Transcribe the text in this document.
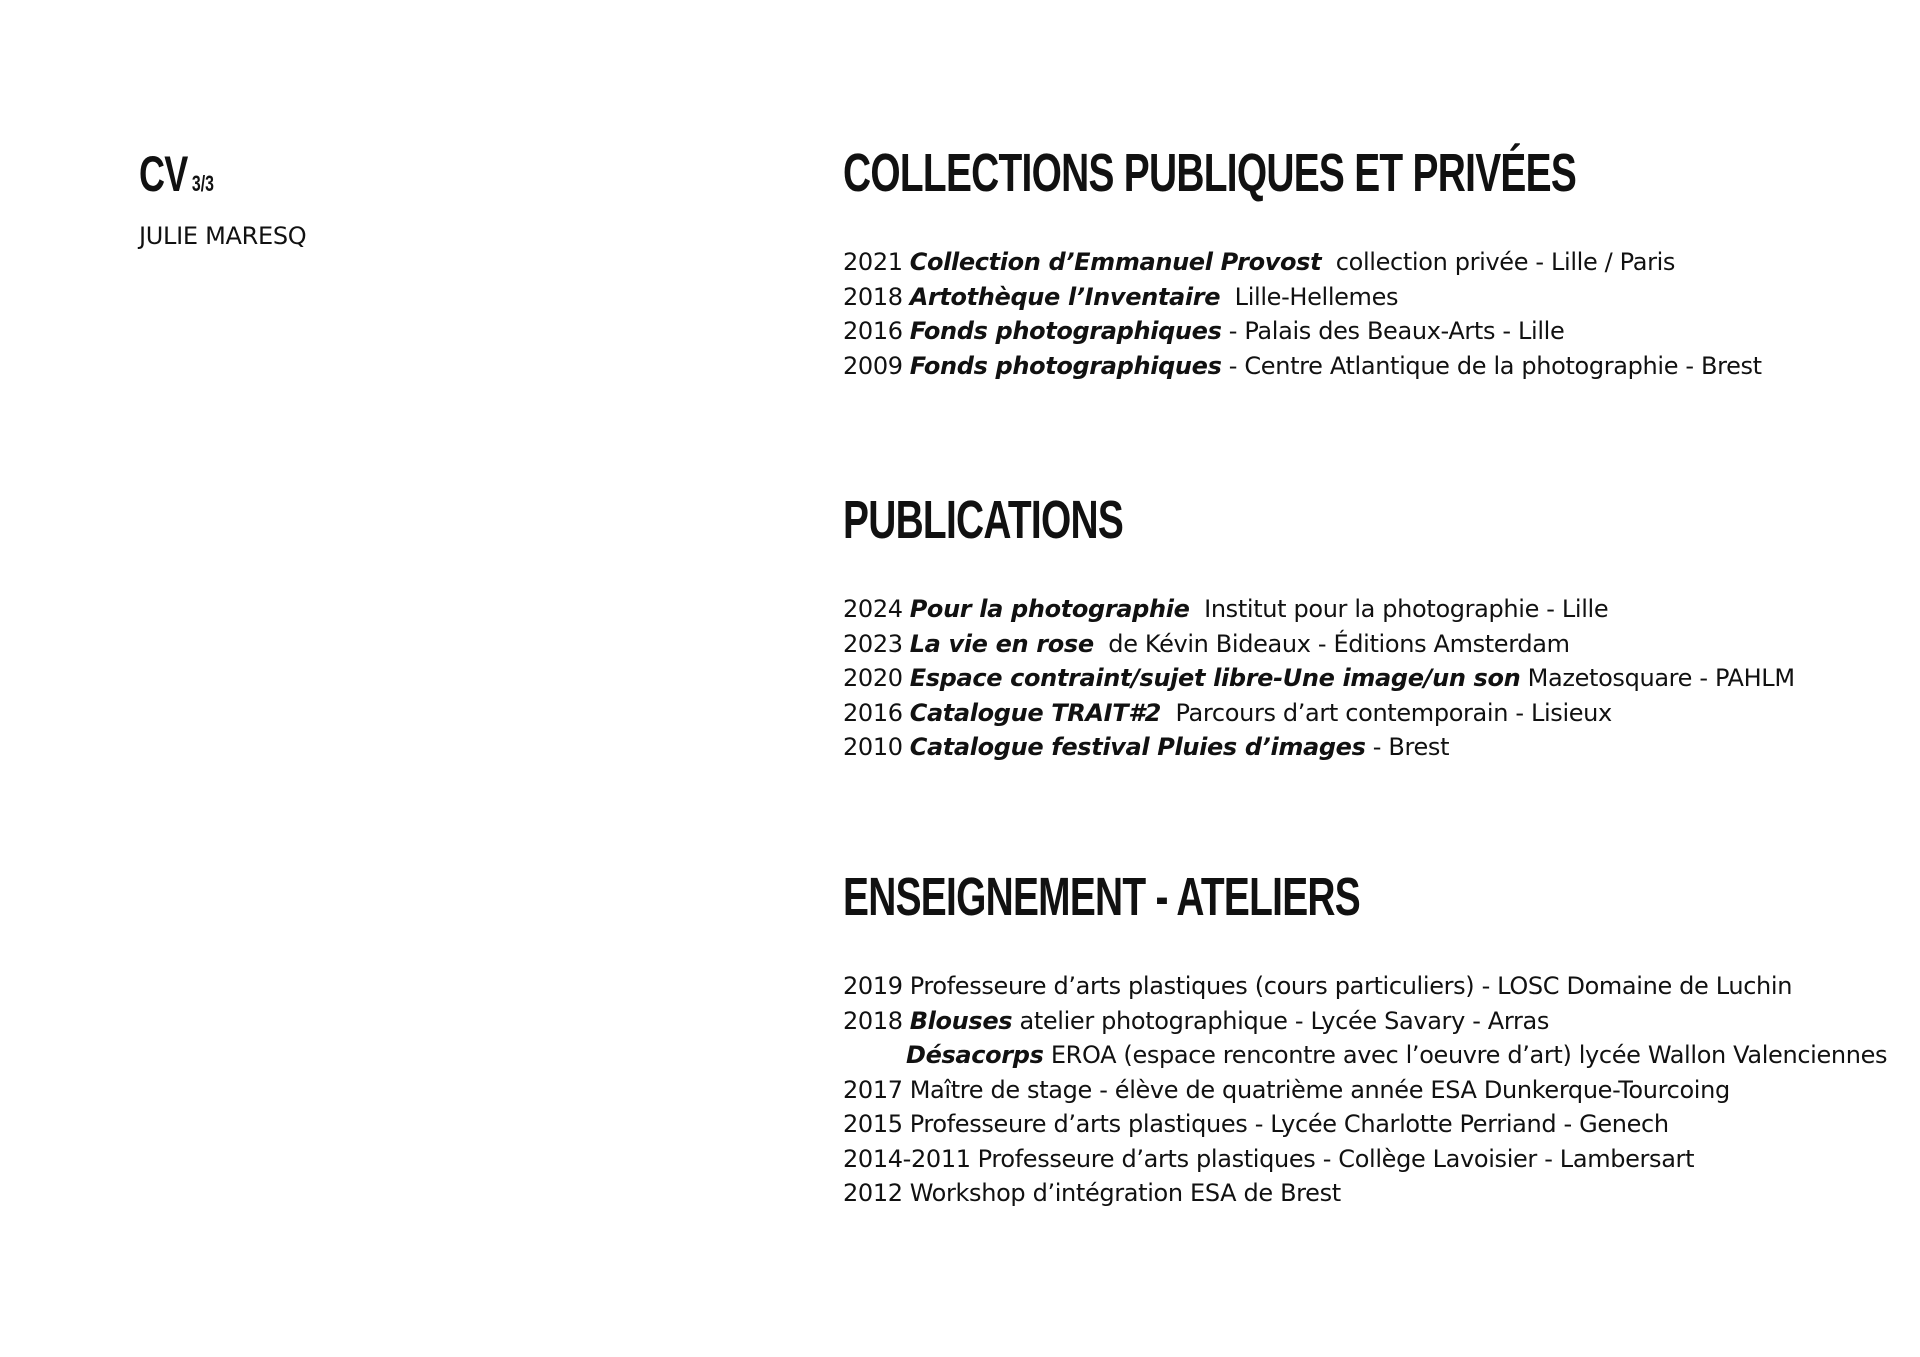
CV 3/3
JULIE MARESQ
COLLECTIONS PUBLIQUES ET PRIVÉES
2021 Collection d’Emmanuel Provost  collection privée - Lille / Paris
2018 Artothèque l’Inventaire  Lille-Hellemes
2016 Fonds photographiques - Palais des Beaux-Arts - Lille
2009 Fonds photographiques - Centre Atlantique de la photographie - Brest
PUBLICATIONS
2024 Pour la photographie  Institut pour la photographie - Lille
2023 La vie en rose  de Kévin Bideaux - Éditions Amsterdam
2020 Espace contraint/sujet libre-Une image/un son Mazetosquare - PAHLM
2016 Catalogue TRAIT#2  Parcours d’art contemporain - Lisieux
2010 Catalogue festival Pluies d’images - Brest
ENSEIGNEMENT - ATELIERS
2019 Professeure d’arts plastiques (cours particuliers) - LOSC Domaine de Luchin
2018 Blouses atelier photographique - Lycée Savary - Arras
Désacorps EROA (espace rencontre avec l’oeuvre d’art) lycée Wallon Valenciennes
2017 Maître de stage - élève de quatrième année ESA Dunkerque-Tourcoing
2015 Professeure d’arts plastiques - Lycée Charlotte Perriand - Genech
2014-2011 Professeure d’arts plastiques - Collège Lavoisier - Lambersart
2012 Workshop d’intégration ESA de Brest
